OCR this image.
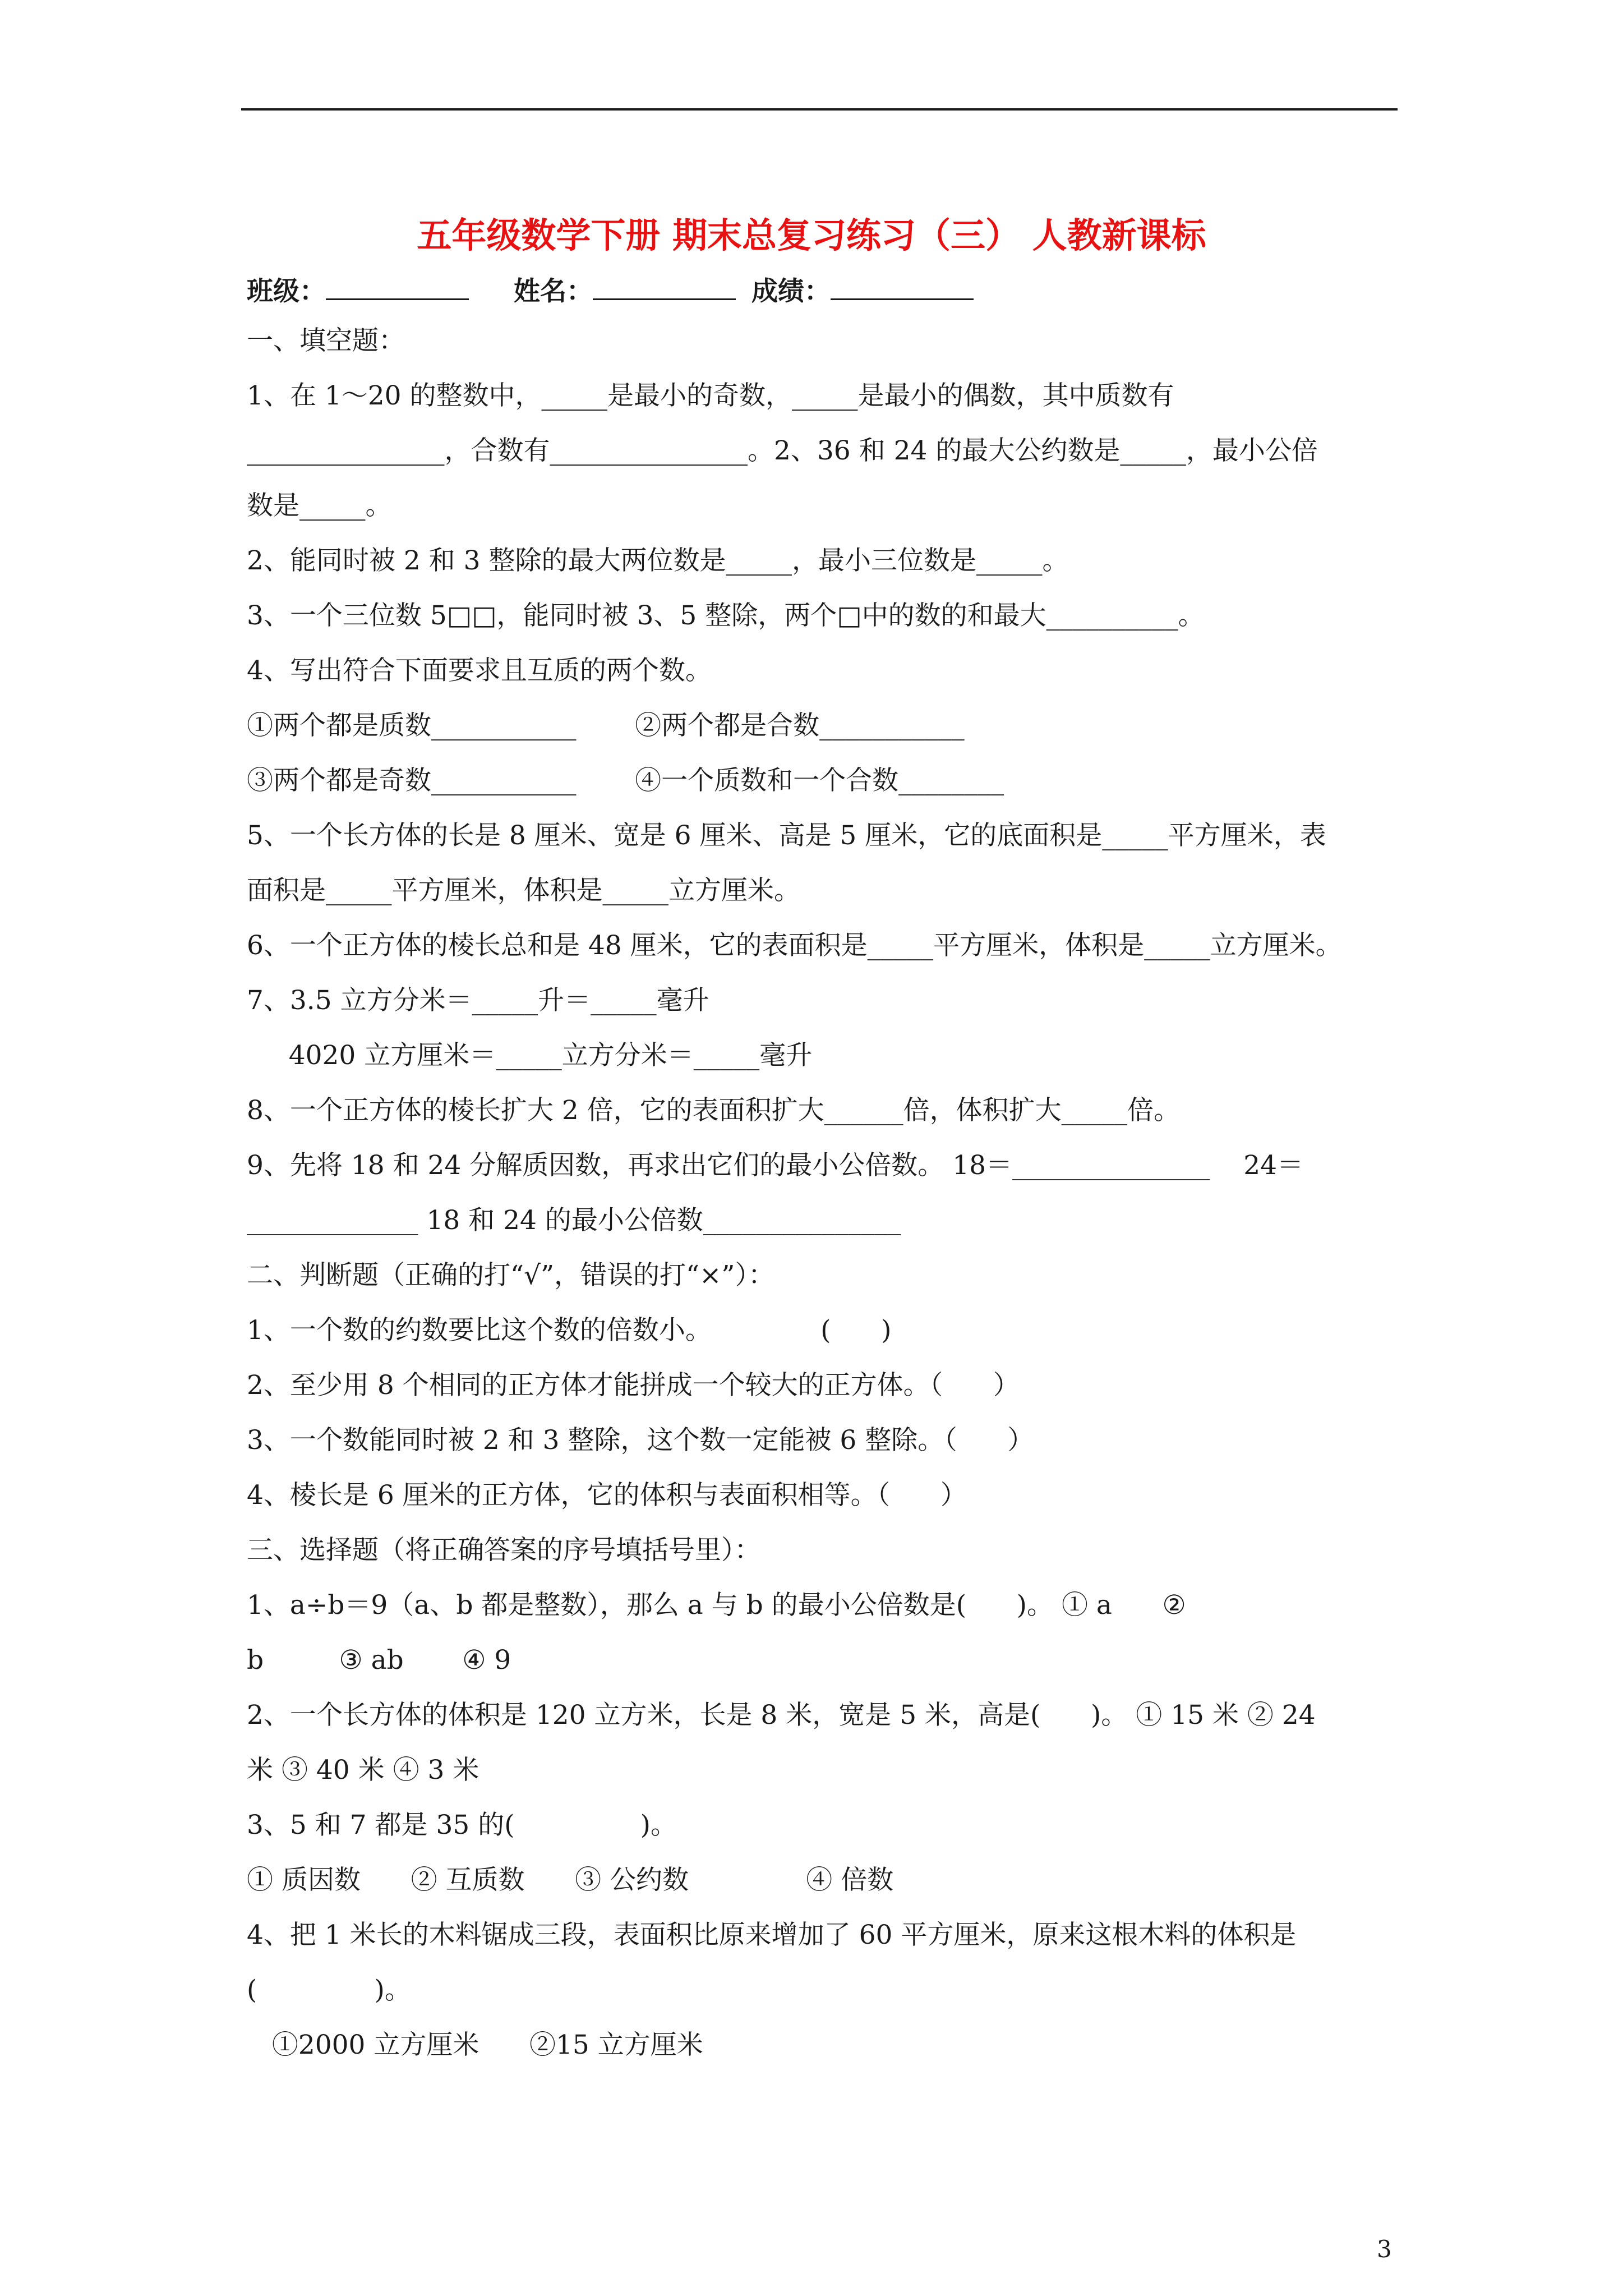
五年级数学下册 期末总复习练习（三） 人教新课标
班级：	姓名：	成绩：
一、填空题：
1、在 1～20 的整数中，_____是最小的奇数，_____是最小的偶数，其中质数有
_______________，合数有_______________。2、36 和 24 的最大公约数是_____，最小公倍
数是_____。
2、能同时被 2 和 3 整除的最大两位数是_____，最小三位数是_____。
3、一个三位数 5□□，能同时被 3、5 整除，两个□中的数的和最大__________。
4、写出符合下面要求且互质的两个数。
①两个都是质数___________       ②两个都是合数___________
③两个都是奇数___________       ④一个质数和一个合数________
5、一个长方体的长是 8 厘米、宽是 6 厘米、高是 5 厘米，它的底面积是_____平方厘米，表
面积是_____平方厘米，体积是_____立方厘米。
6、一个正方体的棱长总和是 48 厘米，它的表面积是_____平方厘米，体积是_____立方厘米。
7、3.5 立方分米＝_____升＝_____毫升
4020 立方厘米＝_____立方分米＝_____毫升
8、一个正方体的棱长扩大 2 倍，它的表面积扩大______倍，体积扩大_____倍。
9、先将 18 和 24 分解质因数，再求出它们的最小公倍数。 18＝_______________    24＝
_____________ 18 和 24 的最小公倍数_______________
二、判断题（正确的打“√”，错误的打“×”）：
1、一个数的约数要比这个数的倍数小。             (      )
2、至少用 8 个相同的正方体才能拼成一个较大的正方体。（      ）
3、一个数能同时被 2 和 3 整除，这个数一定能被 6 整除。（      ）
4、棱长是 6 厘米的正方体，它的体积与表面积相等。（      ）
三、选择题（将正确答案的序号填括号里）：
1、a÷b＝9（a、b 都是整数），那么 a 与 b 的最小公倍数是(      )。 ① a      ②
b         ③ ab       ④ 9
2、一个长方体的体积是 120 立方米，长是 8 米，宽是 5 米，高是(      )。 ① 15 米 ② 24
米 ③ 40 米 ④ 3 米
3、5 和 7 都是 35 的(               )。
① 质因数      ② 互质数      ③ 公约数              ④ 倍数
4、把 1 米长的木料锯成三段，表面积比原来增加了 60 平方厘米，原来这根木料的体积是
(              )。
①2000 立方厘米      ②15 立方厘米
3
